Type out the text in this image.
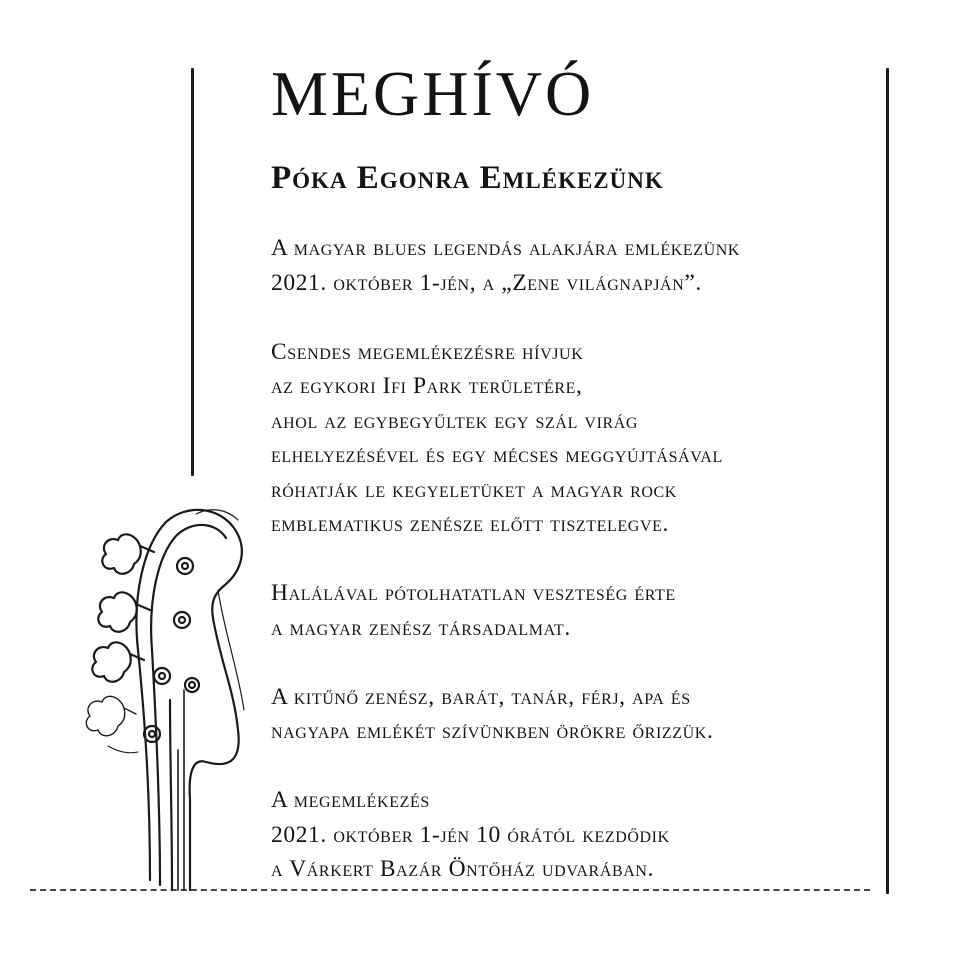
MEGHÍVÓ
Póka Egonra Emlékezünk

A magyar blues legendás alakjára emlékezünk

2021. október 1-jén, a „Zene világnapján”.

Csendes megemlékezésre hívjuk

az egykori Ifi Park területére,

ahol az egybegyűltek egy szál virág

elhelyezésével és egy mécses meggyújtásával

róhatják le kegyeletüket a magyar rock

emblematikus zenésze előtt tisztelegve.

Halálával pótolhatatlan veszteség érte

a magyar zenész társadalmat.

A kitűnő zenész, barát, tanár, férj, apa és

nagyapa emlékét szívünkben örökre őrizzük.

A megemlékezés

2021. október 1-jén 10 órától kezdődik

a Várkert Bazár Öntőház udvarában.
